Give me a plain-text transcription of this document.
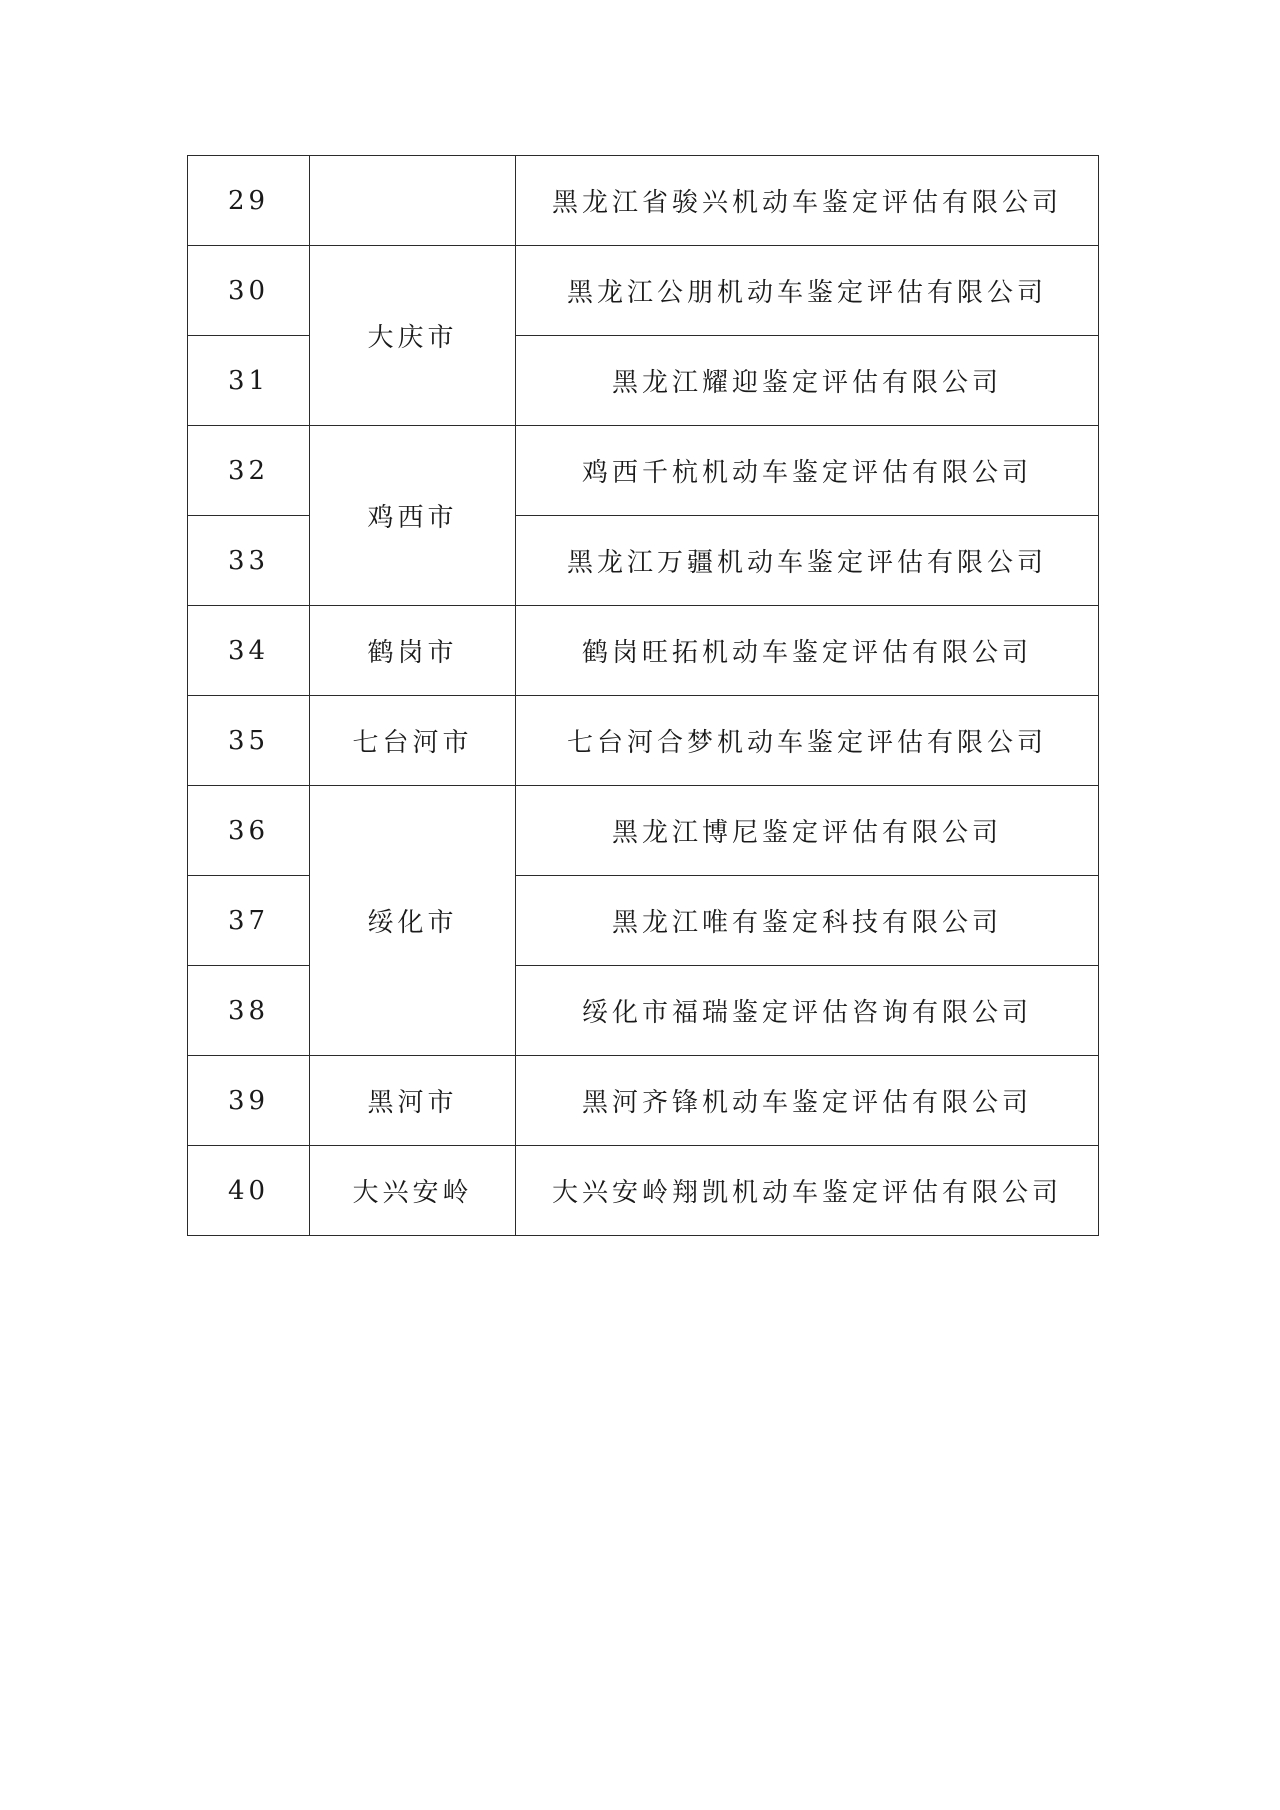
29		黑龙江省骏兴机动车鉴定评估有限公司
30	大庆市	黑龙江公朋机动车鉴定评估有限公司
31		黑龙江耀迎鉴定评估有限公司
32	鸡西市	鸡西千杭机动车鉴定评估有限公司
33		黑龙江万疆机动车鉴定评估有限公司
34	鹤岗市	鹤岗旺拓机动车鉴定评估有限公司
35	七台河市	七台河合梦机动车鉴定评估有限公司
36	绥化市	黑龙江博尼鉴定评估有限公司
37		黑龙江唯有鉴定科技有限公司
38		绥化市福瑞鉴定评估咨询有限公司
39	黑河市	黑河齐锋机动车鉴定评估有限公司
40	大兴安岭	大兴安岭翔凯机动车鉴定评估有限公司
